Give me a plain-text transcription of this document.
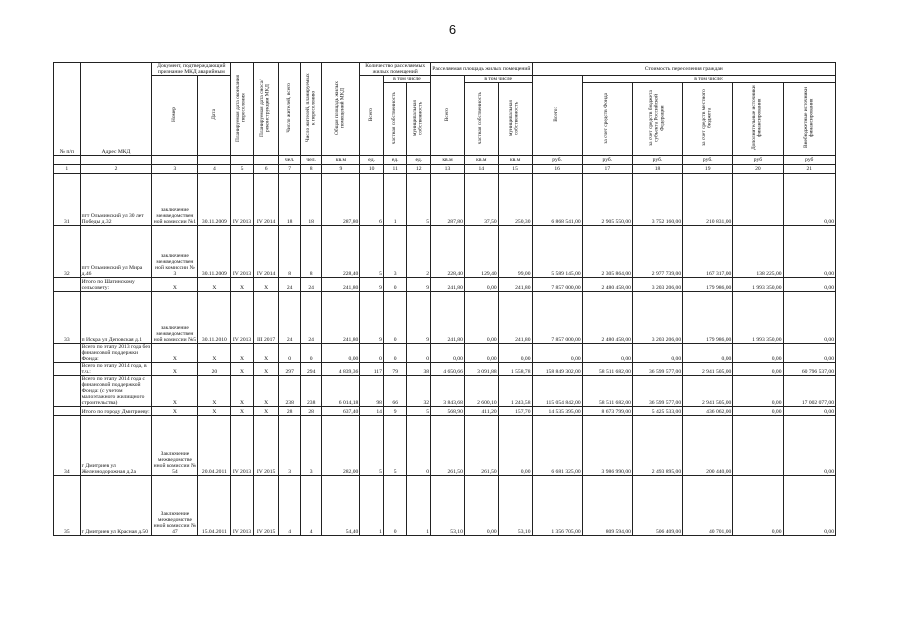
6
№ п/п	Адрес МКД	Документ, подтверждающий признание МКД аварийным		Планируемая дата окончания переселения	Планируемая дата сноса/реконструкции МКД	Число жителей, всего	Число жителей, планируемых к переселению	Общая площадь жилых помещений МКД	Количество расселяемых жилых помещений			Расселяемая площадь жилых помещений			Стоимость переселения граждан					
		Номер	Дата						Всего	в том числе		Всего	в том числе		Всего:	в том числе:				
										частная собственность	муниципальная собственность		частная собственность	муниципальная собственность		за счет средств Фонда	за счет средств бюджета субъекта Российской Федерации	за счет средств местного бюджета	Дополнительные источники финансирования	Внебюджетные источники финансирования
						чел.	чел.	кв.м	ед.	ед.	ед.	кв.м	кв.м	кв.м	руб.	руб.	руб.	руб.	руб	руб
1	2	3	4	5	6	7	8	9	10	11	12	13	14	15	16	17	18	19	20	21
31	пгт Ольминский ул 30 лет Победы д.32	заключение межведомствен ной комиссии №1	30.11.2009	IV 2013	IV 2014	18	18	287,80	6	1	5	287,80	37,50	250,30	6 868 541,00	2 905 550,00	3 752 160,00	210 831,00		0,00
32	пгт Ольминский ул Мира д.46	заключение межведомствен ной комиссии № 3	30.11.2009	IV 2013	IV 2014	8	8	228,40	5	3	2	228,40	129,40	99,00	5 589 145,00	2 305 864,00	2 977 739,00	167 317,00	138 225,00	0,00
	Итого по Шатинскому сельсовету:	X	X	X	X	24	24	241,80	9	0	9	241,80	0,00	241,80	7 857 000,00	2 480 458,00	3 203 206,00	179 986,00	1 993 350,00	0,00
33	п Искра ул Деповская д.1	заключение межведомствен ной комиссии №5	30.11.2010	IV 2013	III 2017	24	24	241,80	9	0	9	241,80	0,00	241,80	7 857 000,00	2 480 458,00	3 203 206,00	179 986,00	1 993 350,00	0,00
	Всего по этапу 2013 года без финансовой поддержки Фонда:	X	X	X	X	0	0	0,00	0	0	0	0,00	0,00	0,00	0,00	0,00	0,00	0,00	0,00	0,00
	Всего по этапу 2014 года, в т.ч.:	X	20	X	X	297	294	4 839,36	117	79	38	4 650,66	3 091,88	1 558,78	158 849 302,00	58 511 682,00	36 599 577,00	2 941 505,00	0,00	60 796 537,00
	Всего по этапу 2014 года с финансовой поддержкой Фонда: (с учетом малоэтажного жилищного строительства)	X	X	X	X	238	238	6 014,18	98	66	32	3 843,68	2 600,10	1 243,58	115 054 842,00	58 511 682,00	36 599 577,00	2 941 505,00	0,00	17 002 077,00
	Итого по городу Дмитриеву:	X	X	X	X	28	28	637,40	14	9	5	568,90	411,20	157,70	14 535 395,00	8 673 799,00	5 425 533,00	436 062,00	0,00	0,00
34	г Дмитриев ул Железнодорожная д.2а	Заключение межведомстве нной комиссии № 54	20.04.2011	IV 2013	IV 2015	3	3	282,00	5	5	0	261,50	261,50	0,00	6 681 325,00	3 986 990,00	2 493 895,00	200 440,00		0,00
35	г Дмитриев ул Красная д.50	Заключение межведомстве нной комиссии № 47	15.04.2011	IV 2013	IV 2015	4	4	54,40	1	0	1	53,10	0,00	53,10	1 356 705,00	809 594,00	506 409,00	40 701,00	0,00	0,00
